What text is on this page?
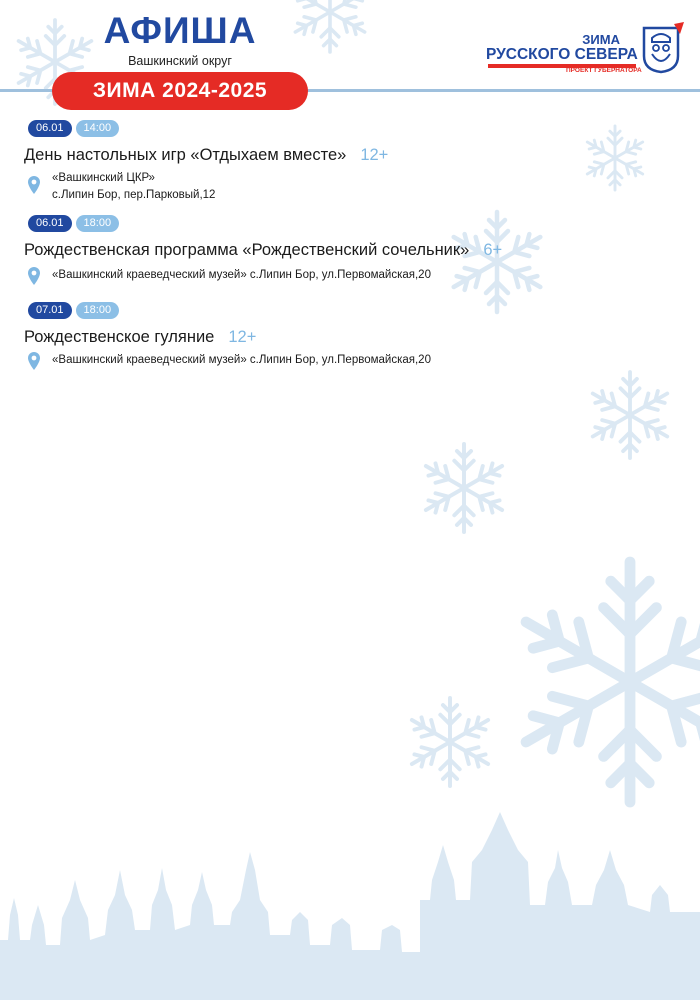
АФИША
Вашкинский округ
ЗИМА 2024-2025
ЗИМА
РУССКОГО СЕВЕРА
ПРОЕКТ ГУБЕРНАТОРА
06.01 14:00
День настольных игр «Отдыхаем вместе» 12+
«Вашкинский ЦКР»
с.Липин Бор, пер.Парковый,12
06.01 18:00
Рождественская программа «Рождественский сочельник» 6+
«Вашкинский краеведческий музей» с.Липин Бор, ул.Первомайская,20
07.01 18:00
Рождественское гуляние 12+
«Вашкинский краеведческий музей» с.Липин Бор, ул.Первомайская,20
